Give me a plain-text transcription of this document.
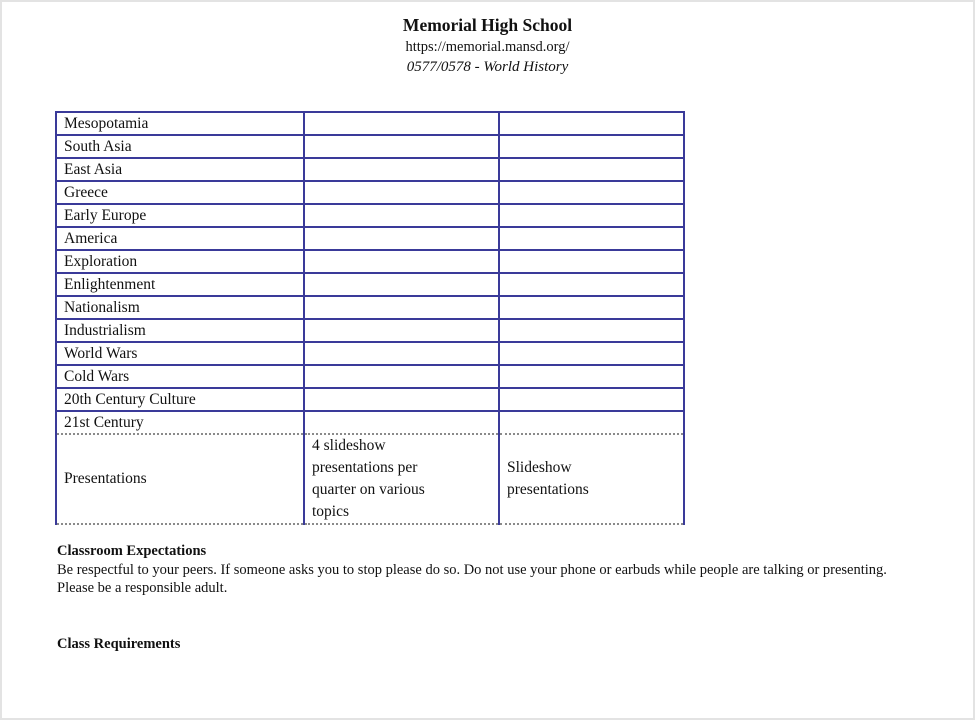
Memorial High School
https://memorial.mansd.org/
0577/0578 - World History
Mesopotamia		
South Asia		
East Asia		
Greece		
Early Europe		
America		
Exploration		
Enlightenment		
Nationalism		
Industrialism		
World Wars		
Cold Wars		
20th Century Culture		
21st Century		
Presentations	4 slideshow presentations per quarter on various topics	Slideshow presentations
Classroom Expectations

Be respectful to your peers. If someone asks you to stop please do so. Do not use your phone or earbuds while people are talking or presenting. Please be a responsible adult.

Class Requirements
